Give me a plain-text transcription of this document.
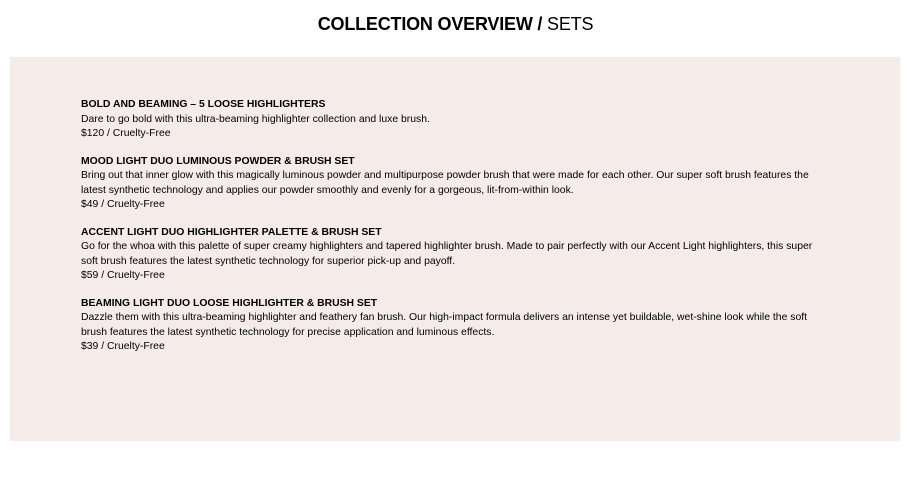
COLLECTION OVERVIEW / SETS
BOLD AND BEAMING – 5 LOOSE HIGHLIGHTERS
Dare to go bold with this ultra-beaming highlighter collection and luxe brush.
$120 / Cruelty-Free
MOOD LIGHT DUO LUMINOUS POWDER & BRUSH SET
Bring out that inner glow with this magically luminous powder and multipurpose powder brush that were made for each other. Our super soft brush features the latest synthetic technology and applies our powder smoothly and evenly for a gorgeous, lit-from-within look.
$49 / Cruelty-Free
ACCENT LIGHT DUO HIGHLIGHTER PALETTE & BRUSH SET
Go for the whoa with this palette of super creamy highlighters and tapered highlighter brush. Made to pair perfectly with our Accent Light highlighters, this super soft brush features the latest synthetic technology for superior pick-up and payoff.
$59 / Cruelty-Free
BEAMING LIGHT DUO LOOSE HIGHLIGHTER & BRUSH SET
Dazzle them with this ultra-beaming highlighter and feathery fan brush. Our high-impact formula delivers an intense yet buildable, wet-shine look while the soft brush features the latest synthetic technology for precise application and luminous effects.
$39 / Cruelty-Free
